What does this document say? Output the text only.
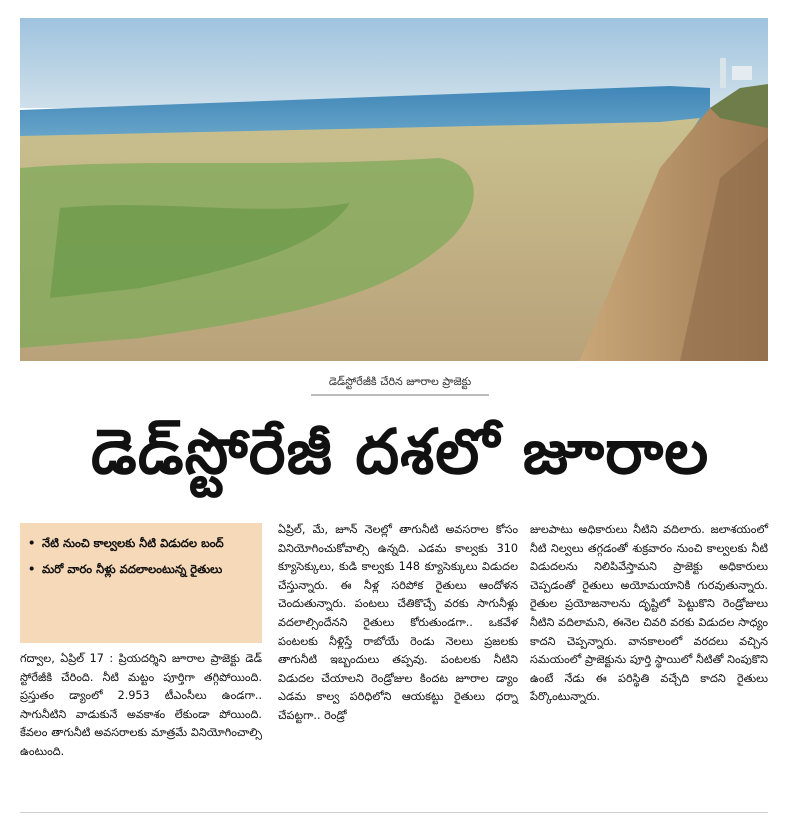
డెడ్‌స్టోరేజీకి చేరిన జూరాల ప్రాజెక్టు
డెడ్‌స్టోరేజీ దశలో జూరాల
• నేటి నుంచి కాల్వలకు నీటి విడుదల బంద్
• మరో వారం నీళ్లు వదలాలంటున్న రైతులు

గద్వాల, ఏప్రిల్ 17 : ప్రియదర్శిని జూరాల ప్రాజెక్టు డెడ్ స్టోరేజీకి చేరింది. నీటి మట్టం పూర్తిగా తగ్గిపోయింది. ప్రస్తుతం డ్యాంలో 2.953 టీఎంసీలు ఉండగా.. సాగునీటిని వాడుకునే అవకాశం లేకుండా పోయింది. కేవలం తాగునీటి అవసరాలకు మాత్రమే వినియోగించాల్సి ఉంటుంది.

ఏప్రిల్, మే, జూన్ నెలల్లో తాగునీటి అవసరాల కోసం వినియోగించుకోవాల్సి ఉన్నది. ఎడమ కాల్వకు 310 క్యూసెక్కులు, కుడి కాల్వకు 148 క్యూసెక్కులు విడుదల చేస్తున్నారు. ఈ నీళ్ల సరిపోక రైతులు ఆందోళన చెందుతున్నారు. పంటలు చేతికొచ్చే వరకు సాగునీళ్లు వదలాల్సిందేనని రైతులు కోరుతుండగా.. ఒకవేళ పంటలకు నీళ్లిస్తే రాబోయే రెండు నెలలు ప్రజలకు తాగునీటి ఇబ్బందులు తప్పవు. పంటలకు నీటిని విడుదల చేయాలని రెండ్రోజుల కిందట జూరాల డ్యాం ఎడమ కాల్వ పరిధిలోని ఆయకట్టు రైతులు ధర్నా చేపట్టగా.. రెండ్రో

జులపాటు అధికారులు నీటిని వదిలారు. జలాశయంలో నీటి నిల్వలు తగ్గడంతో శుక్రవారం నుంచి కాల్వలకు నీటి విడుదలను నిలిపివేస్తామని ప్రాజెక్టు అధికారులు చెప్పడంతో రైతులు అయోమయానికి గురవుతున్నారు. రైతుల ప్రయోజనాలను దృష్టిలో పెట్టుకొని రెండ్రోజులు నీటిని వదిలామని, ఈనెల చివరి వరకు విడుదల సాధ్యం కాదని చెప్పన్నారు. వానకాలంలో వరదలు వచ్చిన సమయంలో ప్రాజెక్టును పూర్తి స్థాయిలో నీటితో నింపుకొని ఉంటే నేడు ఈ పరిస్థితి వచ్చేది కాదని రైతులు పేర్కొంటున్నారు.
